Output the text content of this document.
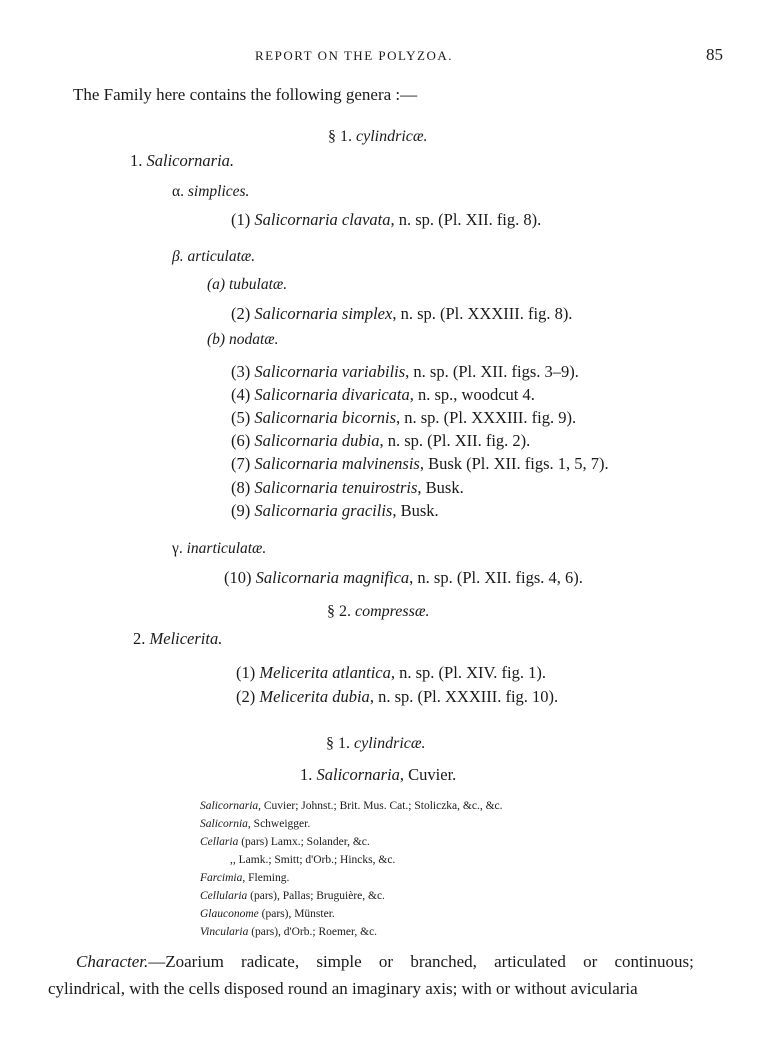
REPORT ON THE POLYZOA.	85
The Family here contains the following genera :—
§ 1. cylindricæ.
1. Salicornaria.
α. simplices.
(1) Salicornaria clavata, n. sp. (Pl. XII. fig. 8).
β. articulatæ.
(a) tubulatæ.
(2) Salicornaria simplex, n. sp. (Pl. XXXIII. fig. 8).
(b) nodatæ.
(3) Salicornaria variabilis, n. sp. (Pl. XII. figs. 3–9).
(4) Salicornaria divaricata, n. sp., woodcut 4.
(5) Salicornaria bicornis, n. sp. (Pl. XXXIII. fig. 9).
(6) Salicornaria dubia, n. sp. (Pl. XII. fig. 2).
(7) Salicornaria malvinensis, Busk (Pl. XII. figs. 1, 5, 7).
(8) Salicornaria tenuirostris, Busk.
(9) Salicornaria gracilis, Busk.
γ. inarticulatæ.
(10) Salicornaria magnifica, n. sp. (Pl. XII. figs. 4, 6).
§ 2. compressæ.
2. Melicerita.
(1) Melicerita atlantica, n. sp. (Pl. XIV. fig. 1).
(2) Melicerita dubia, n. sp. (Pl. XXXIII. fig. 10).
§ 1. cylindricæ.
1. Salicornaria, Cuvier.
Salicornaria, Cuvier; Johnst.; Brit. Mus. Cat.; Stoliczka, &c., &c.
Salicornia, Schweigger.
Cellaria (pars) Lamx.; Solander, &c.
,, Lamk.; Smitt; d'Orb.; Hincks, &c.
Farcimia, Fleming.
Cellularia (pars), Pallas; Bruguière, &c.
Glauconome (pars), Münster.
Vincularia (pars), d'Orb.; Roemer, &c.
Character.—Zoarium radicate, simple or branched, articulated or continuous;
cylindrical, with the cells disposed round an imaginary axis; with or without avicularia
